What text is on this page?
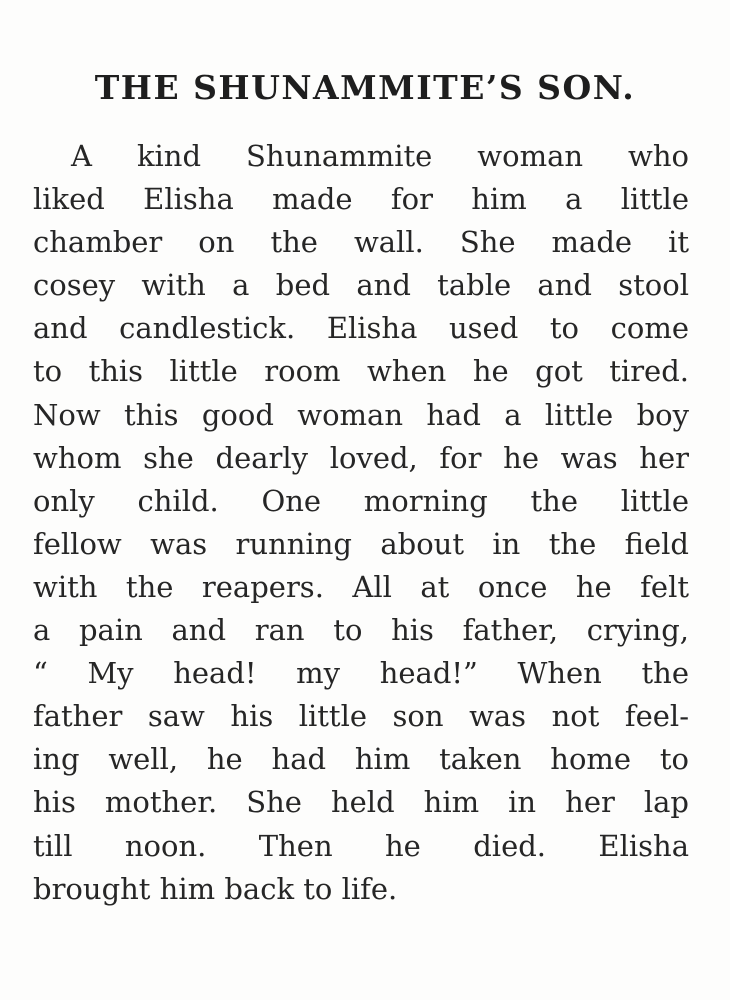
THE SHUNAMMITE’S SON.
A kind Shunammite woman who
liked Elisha made for him a little
chamber on the wall. She made it
cosey with a bed and table and stool
and candlestick. Elisha used to come
to this little room when he got tired.
Now this good woman had a little boy
whom she dearly loved, for he was her
only child. One morning the little
fellow was running about in the field
with the reapers. All at once he felt
a pain and ran to his father, crying,
“ My head! my head!” When the
father saw his little son was not feel-
ing well, he had him taken home to
his mother. She held him in her lap
till noon. Then he died. Elisha
brought him back to life.
